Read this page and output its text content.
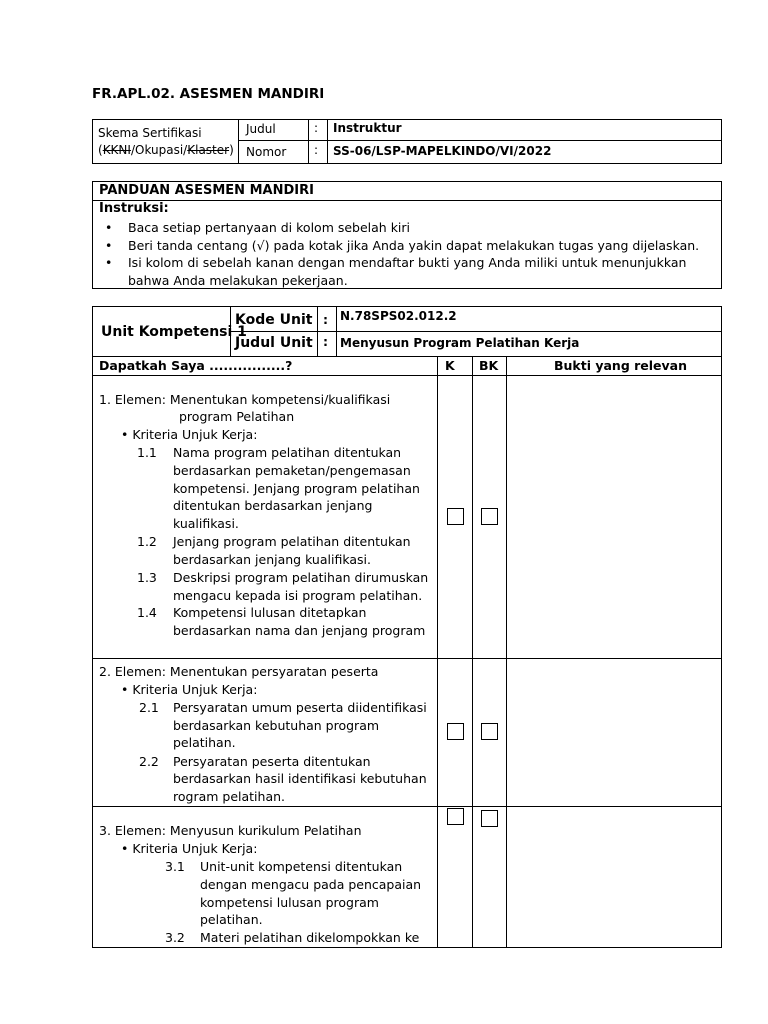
FR.APL.02. ASESMEN MANDIRI
Skema Sertifikasi
(KKNI/Okupasi/Klaster)
Judul
Nomor
:
:
Instruktur
SS-06/LSP-MAPELKINDO/VI/2022
PANDUAN ASESMEN MANDIRI
Instruksi:
• Baca setiap pertanyaan di kolom sebelah kiri
• Beri tanda centang (√) pada kotak jika Anda yakin dapat melakukan tugas yang dijelaskan.
• Isi kolom di sebelah kanan dengan mendaftar bukti yang Anda miliki untuk menunjukkan
bahwa Anda melakukan pekerjaan.
Unit Kompetensi 1
Kode Unit
Judul Unit
:
:
N.78SPS02.012.2
Menyusun Program Pelatihan Kerja
Dapatkah Saya ................?	K BK	Bukti yang relevan
1. Elemen: Menentukan kompetensi/kualifikasi
program Pelatihan
• Kriteria Unjuk Kerja:
1.1 Nama program pelatihan ditentukan
berdasarkan pemaketan/pengemasan
kompetensi. Jenjang program pelatihan
ditentukan berdasarkan jenjang
kualifikasi.
1.2 Jenjang program pelatihan ditentukan
berdasarkan jenjang kualifikasi.
1.3 Deskripsi program pelatihan dirumuskan
mengacu kepada isi program pelatihan.
1.4 Kompetensi lulusan ditetapkan
berdasarkan nama dan jenjang program
2. Elemen: Menentukan persyaratan peserta
• Kriteria Unjuk Kerja:
2.1 Persyaratan umum peserta diidentifikasi
berdasarkan kebutuhan program
pelatihan.
2.2 Persyaratan peserta ditentukan
berdasarkan hasil identifikasi kebutuhan
rogram pelatihan.
3. Elemen: Menyusun kurikulum Pelatihan
• Kriteria Unjuk Kerja:
3.1 Unit-unit kompetensi ditentukan
dengan mengacu pada pencapaian
kompetensi lulusan program
pelatihan.
3.2 Materi pelatihan dikelompokkan ke
